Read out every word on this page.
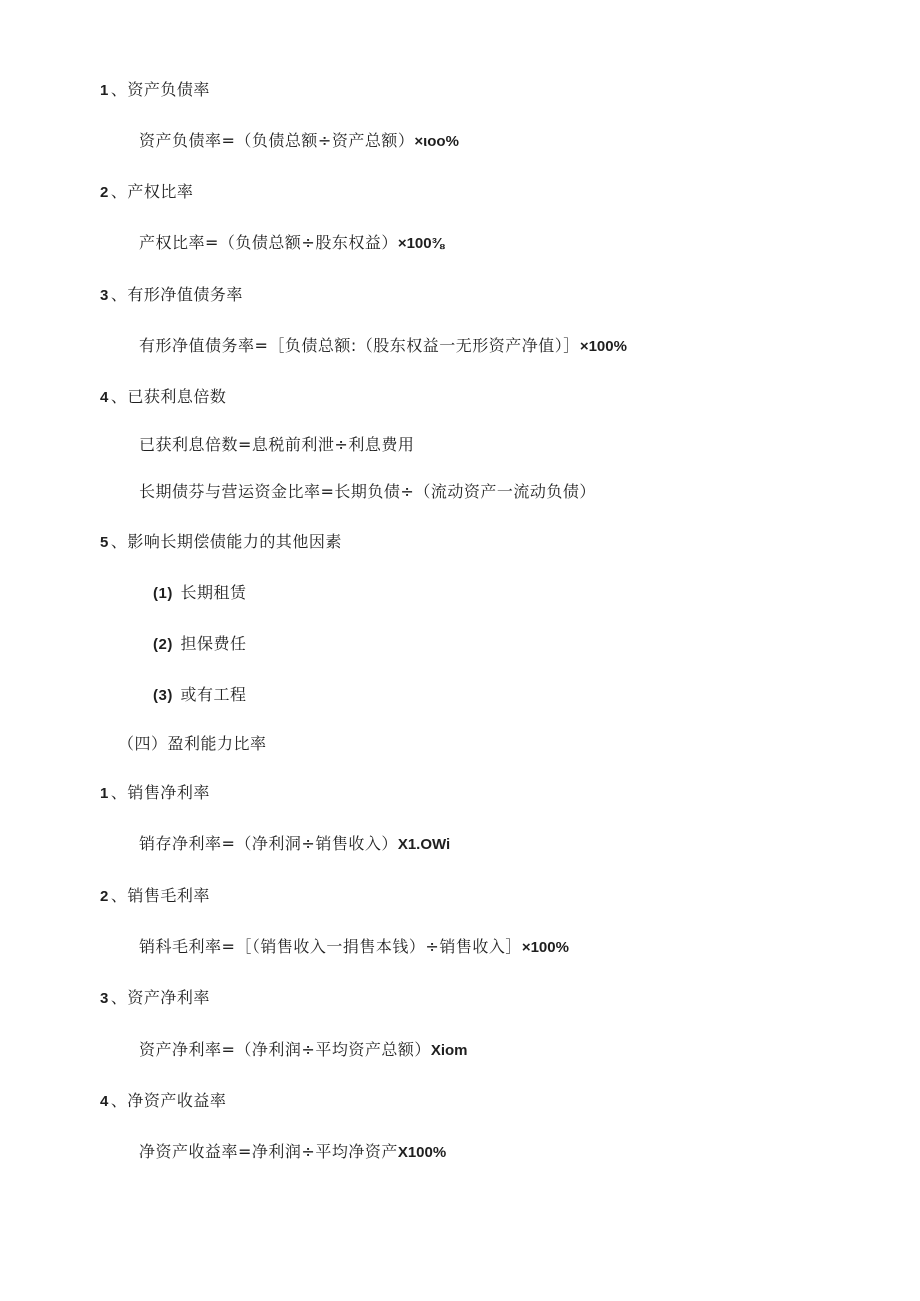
1 、资产负债率
资产负债率=（负债总额÷资产总额）×ιoo%
2 、产权比率
产权比率=（负债总额÷股东权益）×100⅜
3 、有形净值债务率
有形净值债务率=［负债总额:（股东权益一无形资产净值）］×100%
4 、已获利息倍数
已获利息倍数=息税前利泄÷利息费用
长期债芬与营运资金比率=长期负债÷（流动资产一流动负债）
5 、影响长期偿债能力的其他因素
(1) 长期租赁
(2) 担保费任
(3) 或有工程
（四）盈利能力比率
1 、销售净利率
销存净利率=（净利洞÷销售收入）X1.OWi
2 、销售毛利率
销科毛利率=［（销售收入一捐售本钱）÷销售收入］×100%
3 、资产净利率
资产净利率=（净利润÷平均资产总额）Xiom
4 、净资产收益率
净资产收益率=净利润÷平均净资产X100%
